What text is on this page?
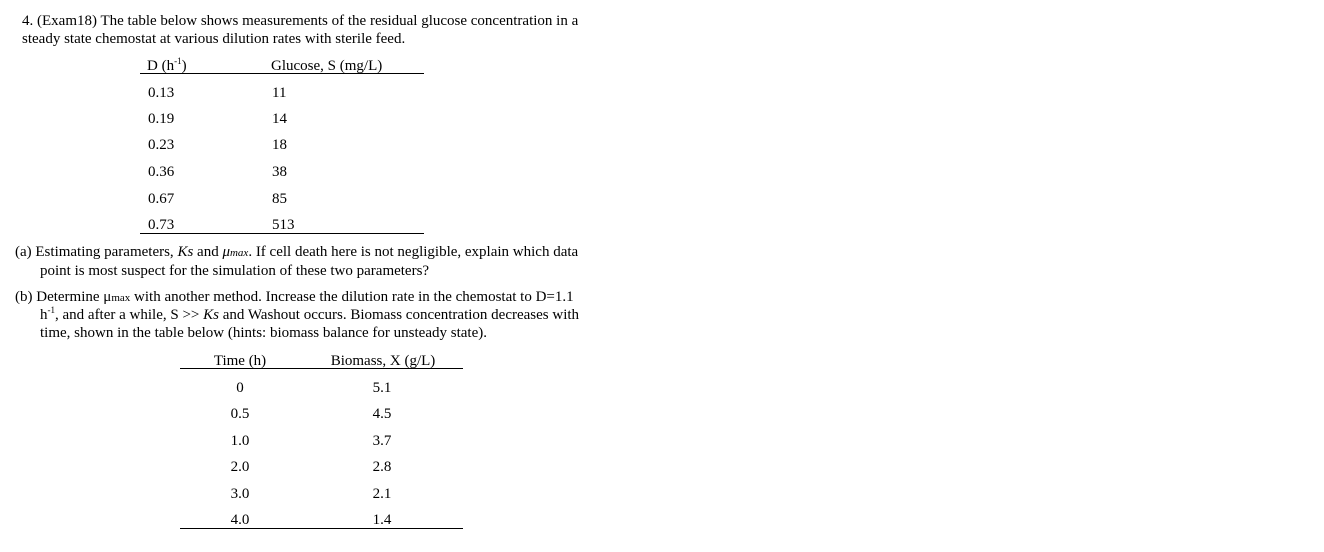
4. (Exam18) The table below shows measurements of the residual glucose concentration in a
steady state chemostat at various dilution rates with sterile feed.
D $(h^{-1})$	Glucose, S (mg/L)
0.13	11
0.19	14
0.23	18
0.36	38
0.67	85
0.73	513
(a) Estimating parameters, Ks and μmax. If cell death here is not negligible, explain which data
point is most suspect for the simulation of these two parameters?
(b) Determine μmax with another method. Increase the dilution rate in the chemostat to D=1.1
$h^{-1}$, and after a while, S >> Ks and Washout occurs. Biomass concentration decreases with
time, shown in the table below (hints: biomass balance for unsteady state).
Time (h)	Biomass, X (g/L)
0	5.1
0.5	4.5
1.0	3.7
2.0	2.8
3.0	2.1
4.0	1.4
